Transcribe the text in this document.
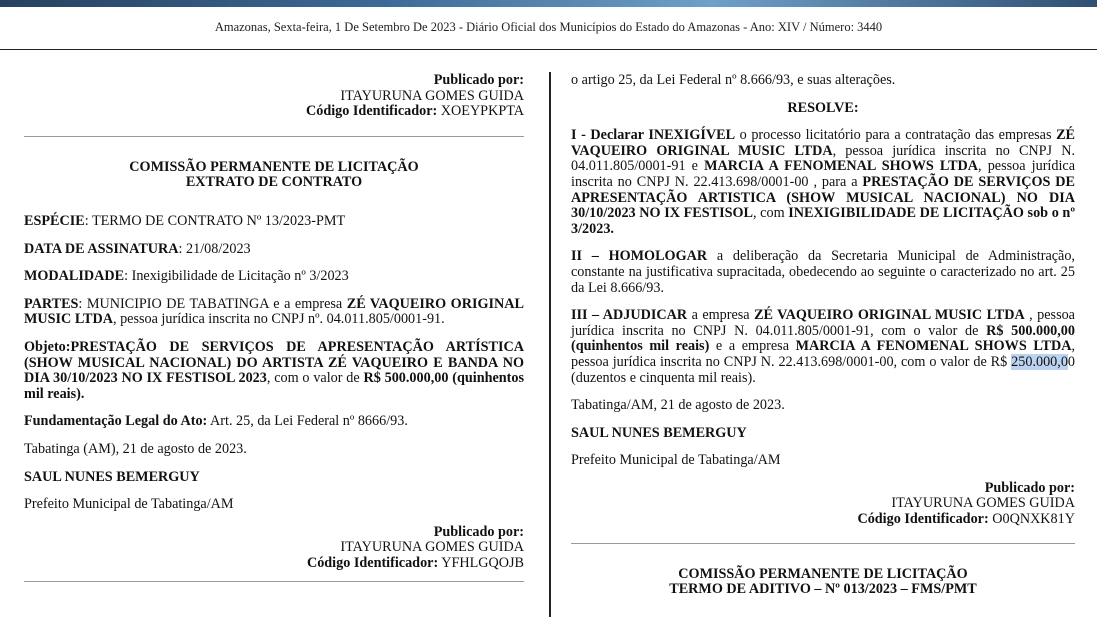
Amazonas, Sexta-feira, 1 De Setembro De 2023 - Diário Oficial dos Municípios do Estado do Amazonas - Ano: XIV / Número: 3440
Publicado por:
ITAYURUNA GOMES GUIDA
Código Identificador: XOEYPKPTA
COMISSÃO PERMANENTE DE LICITAÇÃO
EXTRATO DE CONTRATO

ESPÉCIE: TERMO DE CONTRATO Nº 13/2023-PMT

DATA DE ASSINATURA: 21/08/2023

MODALIDADE: Inexigibilidade de Licitação nº 3/2023

PARTES: MUNICIPIO DE TABATINGA e a empresa ZÉ VAQUEIRO ORIGINAL MUSIC LTDA, pessoa jurídica inscrita no CNPJ nº. 04.011.805/0001-91.

Objeto:PRESTAÇÃO DE SERVIÇOS DE APRESENTAÇÃO ARTÍSTICA (SHOW MUSICAL NACIONAL) DO ARTISTA ZÉ VAQUEIRO E BANDA NO DIA 30/10/2023 NO IX FESTISOL 2023, com o valor de R$ 500.000,00 (quinhentos mil reais).

Fundamentação Legal do Ato: Art. 25, da Lei Federal nº 8666/93.

Tabatinga (AM), 21 de agosto de 2023.

SAUL NUNES BEMERGUY

Prefeito Municipal de Tabatinga/AM

Publicado por:
ITAYURUNA GOMES GUIDA
Código Identificador: YFHLGQOJB

o artigo 25, da Lei Federal nº 8.666/93, e suas alterações.

RESOLVE:

I - Declarar INEXIGÍVEL o processo licitatório para a contratação das empresas ZÉ VAQUEIRO ORIGINAL MUSIC LTDA, pessoa jurídica inscrita no CNPJ N. 04.011.805/0001-91 e MARCIA A FENOMENAL SHOWS LTDA, pessoa jurídica inscrita no CNPJ N. 22.413.698/0001-00 , para a PRESTAÇÃO DE SERVIÇOS DE APRESENTAÇÃO ARTISTICA (SHOW MUSICAL NACIONAL) NO DIA 30/10/2023 NO IX FESTISOL, com INEXIGIBILIDADE DE LICITAÇÃO sob o nº 3/2023.

II – HOMOLOGAR a deliberação da Secretaria Municipal de Administração, constante na justificativa supracitada, obedecendo ao seguinte o caracterizado no art. 25 da Lei 8.666/93.

III – ADJUDICAR a empresa ZÉ VAQUEIRO ORIGINAL MUSIC LTDA , pessoa jurídica inscrita no CNPJ N. 04.011.805/0001-91, com o valor de R$ 500.000,00 (quinhentos mil reais) e a empresa MARCIA A FENOMENAL SHOWS LTDA, pessoa jurídica inscrita no CNPJ N. 22.413.698/0001-00, com o valor de R$ 250.000,00 (duzentos e cinquenta mil reais).

Tabatinga/AM, 21 de agosto de 2023.

SAUL NUNES BEMERGUY

Prefeito Municipal de Tabatinga/AM

Publicado por:
ITAYURUNA GOMES GUIDA
Código Identificador: O0QNXK81Y
COMISSÃO PERMANENTE DE LICITAÇÃO
TERMO DE ADITIVO – Nº 013/2023 – FMS/PMT
